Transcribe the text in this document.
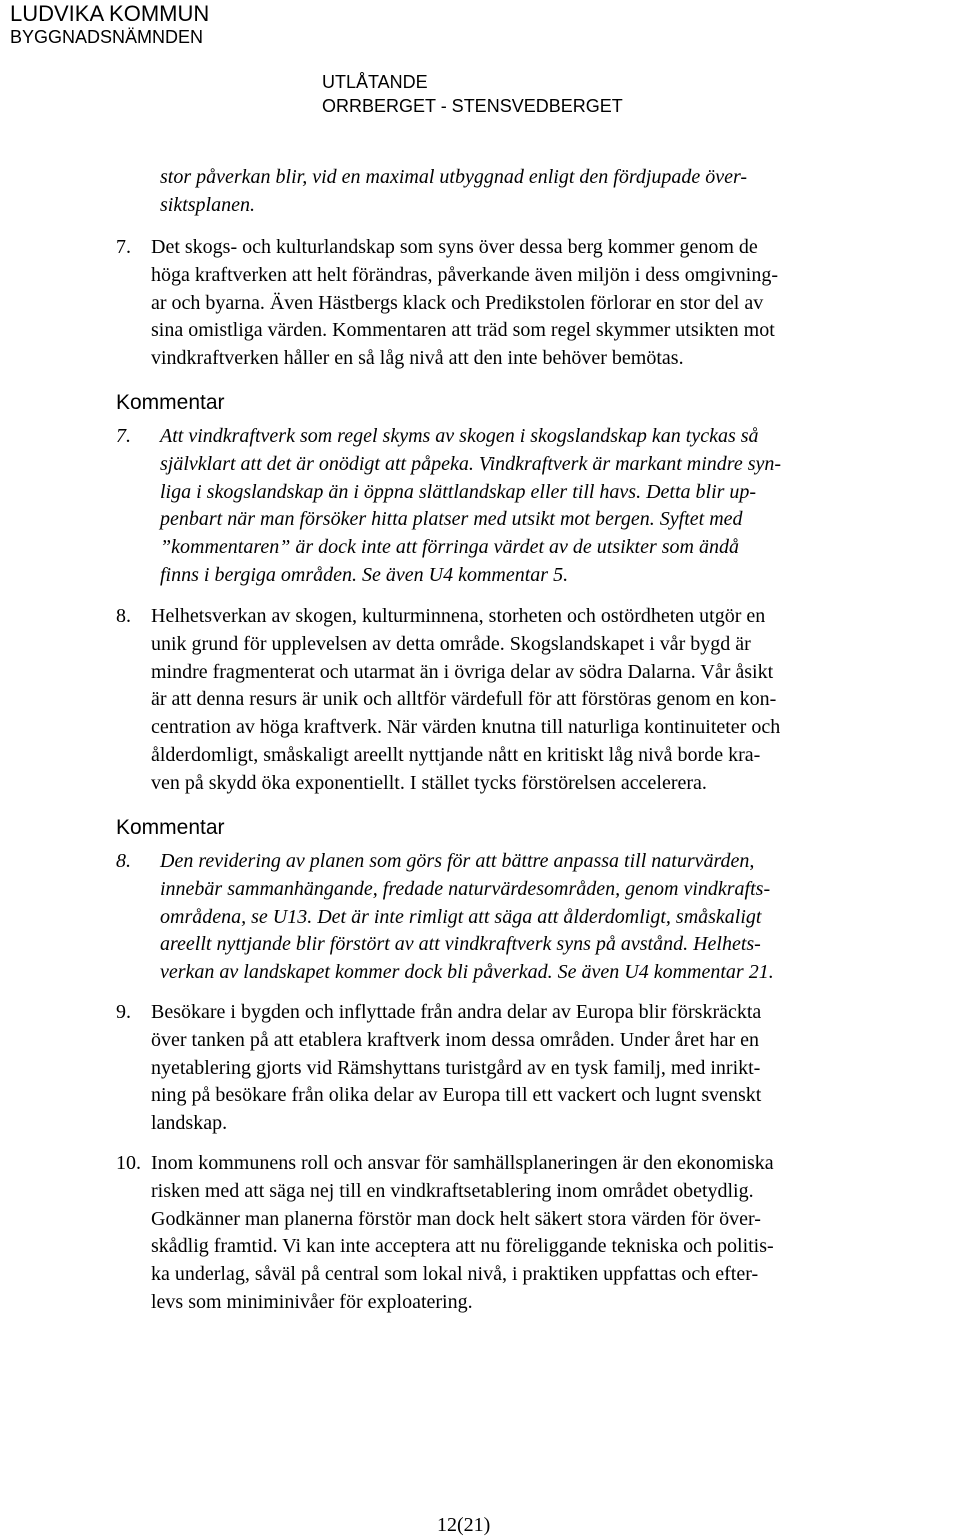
LUDVIKA KOMMUN
BYGGNADSNÄMNDEN
UTLÅTANDE
ORRBERGET - STENSVEDBERGET
stor påverkan blir, vid en maximal utbyggnad enligt den fördjupade över-
siktsplanen.
7. Det skogs- och kulturlandskap som syns över dessa berg kommer genom de
höga kraftverken att helt förändras, påverkande även miljön i dess omgivning-
ar och byarna. Även Hästbergs klack och Predikstolen förlorar en stor del av
sina omistliga värden. Kommentaren att träd som regel skymmer utsikten mot
vindkraftverken håller en så låg nivå att den inte behöver bemötas.
Kommentar
7. Att vindkraftverk som regel skyms av skogen i skogslandskap kan tyckas så
självklart att det är onödigt att påpeka. Vindkraftverk är markant mindre syn-
liga i skogslandskap än i öppna slättlandskap eller till havs. Detta blir up-
penbart när man försöker hitta platser med utsikt mot bergen. Syftet med
”kommentaren” är dock inte att förringa värdet av de utsikter som ändå
finns i bergiga områden. Se även U4 kommentar 5.
8. Helhetsverkan av skogen, kulturminnena, storheten och ostördheten utgör en
unik grund för upplevelsen av detta område. Skogslandskapet i vår bygd är
mindre fragmenterat och utarmat än i övriga delar av södra Dalarna. Vår åsikt
är att denna resurs är unik och alltför värdefull för att förstöras genom en kon-
centration av höga kraftverk. När värden knutna till naturliga kontinuiteter och
ålderdomligt, småskaligt areellt nyttjande nått en kritiskt låg nivå borde kra-
ven på skydd öka exponentiellt. I stället tycks förstörelsen accelerera.
Kommentar
8. Den revidering av planen som görs för att bättre anpassa till naturvärden,
innebär sammanhängande, fredade naturvärdesområden, genom vindkrafts-
områdena, se U13. Det är inte rimligt att säga att ålderdomligt, småskaligt
areellt nyttjande blir förstört av att vindkraftverk syns på avstånd. Helhets-
verkan av landskapet kommer dock bli påverkad. Se även U4 kommentar 21.
9. Besökare i bygden och inflyttade från andra delar av Europa blir förskräckta
över tanken på att etablera kraftverk inom dessa områden. Under året har en
nyetablering gjorts vid Rämshyttans turistgård av en tysk familj, med inrikt-
ning på besökare från olika delar av Europa till ett vackert och lugnt svenskt
landskap.
10. Inom kommunens roll och ansvar för samhällsplaneringen är den ekonomiska
risken med att säga nej till en vindkraftsetablering inom området obetydlig.
Godkänner man planerna förstör man dock helt säkert stora värden för över-
skådlig framtid. Vi kan inte acceptera att nu föreliggande tekniska och politis-
ka underlag, såväl på central som lokal nivå, i praktiken uppfattas och efter-
levs som miniminivåer för exploatering.
12(21)
